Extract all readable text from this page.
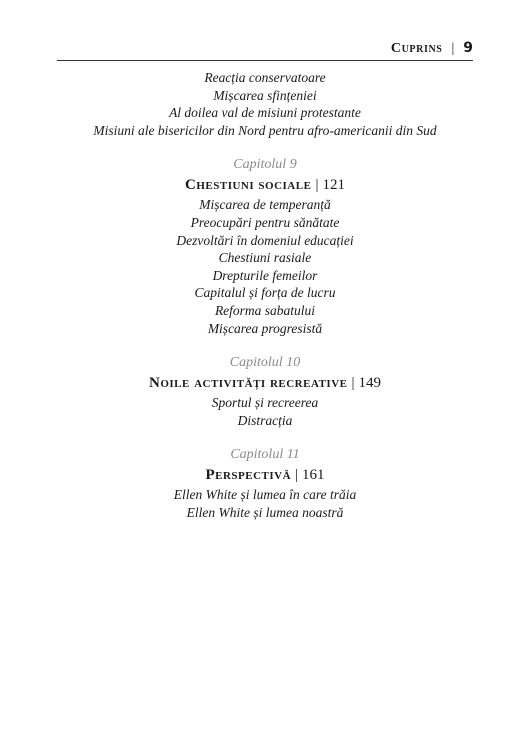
Cuprins | 9
Reacția conservatoare
Mișcarea sfințeniei
Al doilea val de misiuni protestante
Misiuni ale bisericilor din Nord pentru afro-americanii din Sud
Capitolul 9
Chestiuni sociale | 121
Mișcarea de temperanță
Preocupări pentru sănătate
Dezvoltări în domeniul educației
Chestiuni rasiale
Drepturile femeilor
Capitalul și forța de lucru
Reforma sabatului
Mișcarea progresistă
Capitolul 10
Noile activități recreative | 149
Sportul și recreerea
Distracția
Capitolul 11
Perspectivă | 161
Ellen White și lumea în care trăia
Ellen White și lumea noastră
